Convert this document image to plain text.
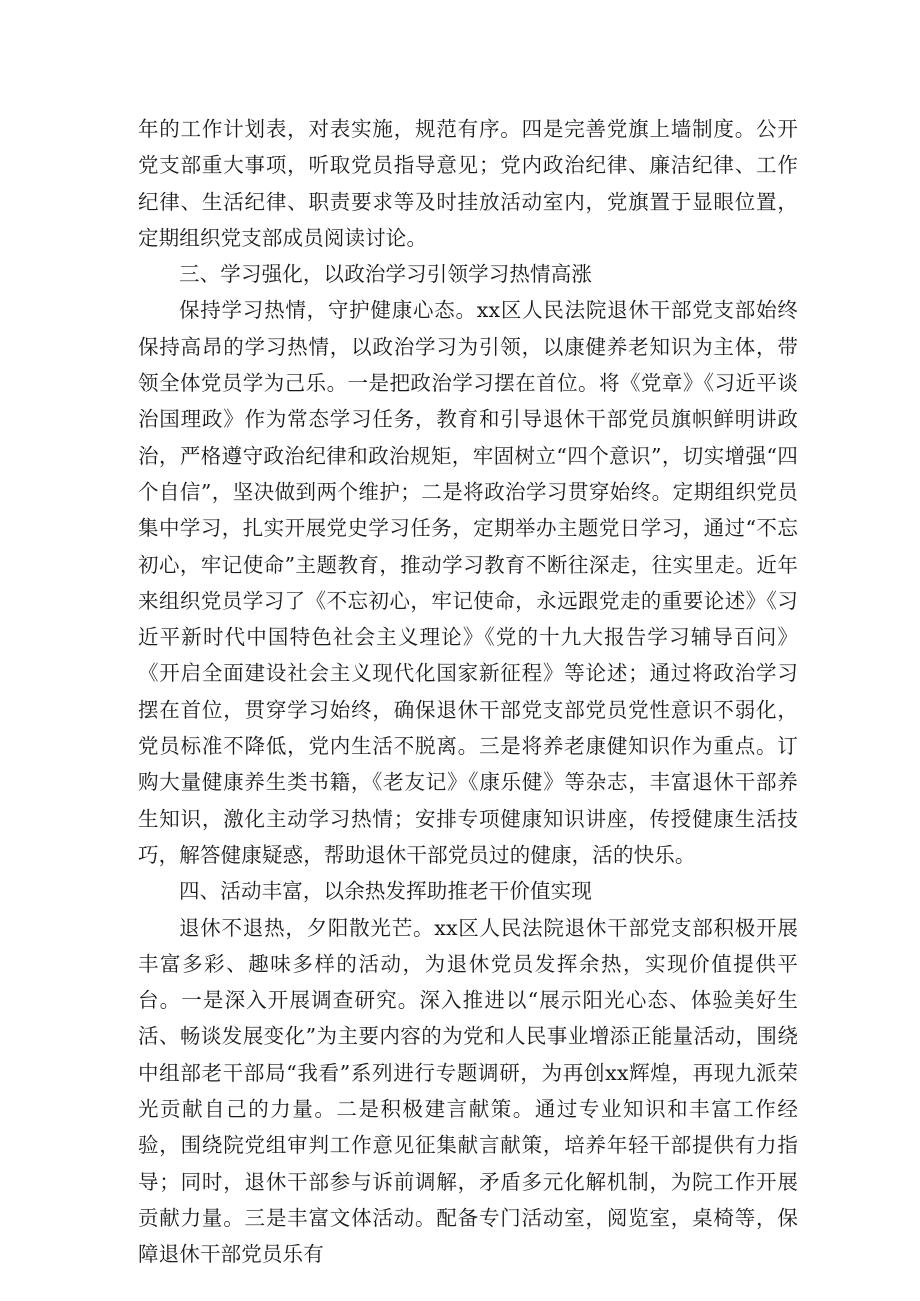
年的工作计划表，对表实施，规范有序。四是完善党旗上墙制度。公开党支部重大事项，听取党员指导意见；党内政治纪律、廉洁纪律、工作纪律、生活纪律、职责要求等及时挂放活动室内，党旗置于显眼位置，定期组织党支部成员阅读讨论。

三、学习强化，以政治学习引领学习热情高涨

保持学习热情，守护健康心态。xx区人民法院退休干部党支部始终保持高昂的学习热情，以政治学习为引领，以康健养老知识为主体，带领全体党员学为己乐。一是把政治学习摆在首位。将《党章》《习近平谈治国理政》作为常态学习任务，教育和引导退休干部党员旗帜鲜明讲政治，严格遵守政治纪律和政治规矩，牢固树立“四个意识”，切实增强“四个自信”，坚决做到两个维护；二是将政治学习贯穿始终。定期组织党员集中学习，扎实开展党史学习任务，定期举办主题党日学习，通过“不忘初心，牢记使命”主题教育，推动学习教育不断往深走，往实里走。近年来组织党员学习了《不忘初心，牢记使命，永远跟党走的重要论述》《习近平新时代中国特色社会主义理论》《党的十九大报告学习辅导百问》《开启全面建设社会主义现代化国家新征程》等论述；通过将政治学习摆在首位，贯穿学习始终，确保退休干部党支部党员党性意识不弱化，党员标准不降低，党内生活不脱离。三是将养老康健知识作为重点。订购大量健康养生类书籍，《老友记》《康乐健》等杂志，丰富退休干部养生知识，激化主动学习热情；安排专项健康知识讲座，传授健康生活技巧，解答健康疑惑，帮助退休干部党员过的健康，活的快乐。

四、活动丰富，以余热发挥助推老干价值实现

退休不退热，夕阳散光芒。xx区人民法院退休干部党支部积极开展丰富多彩、趣味多样的活动，为退休党员发挥余热，实现价值提供平台。一是深入开展调查研究。深入推进以“展示阳光心态、体验美好生活、畅谈发展变化”为主要内容的为党和人民事业增添正能量活动，围绕中组部老干部局“我看”系列进行专题调研，为再创xx辉煌，再现九派荣光贡献自己的力量。二是积极建言献策。通过专业知识和丰富工作经验，围绕院党组审判工作意见征集献言献策，培养年轻干部提供有力指导；同时，退休干部参与诉前调解，矛盾多元化解机制，为院工作开展贡献力量。三是丰富文体活动。配备专门活动室，阅览室，桌椅等，保障退休干部党员乐有
